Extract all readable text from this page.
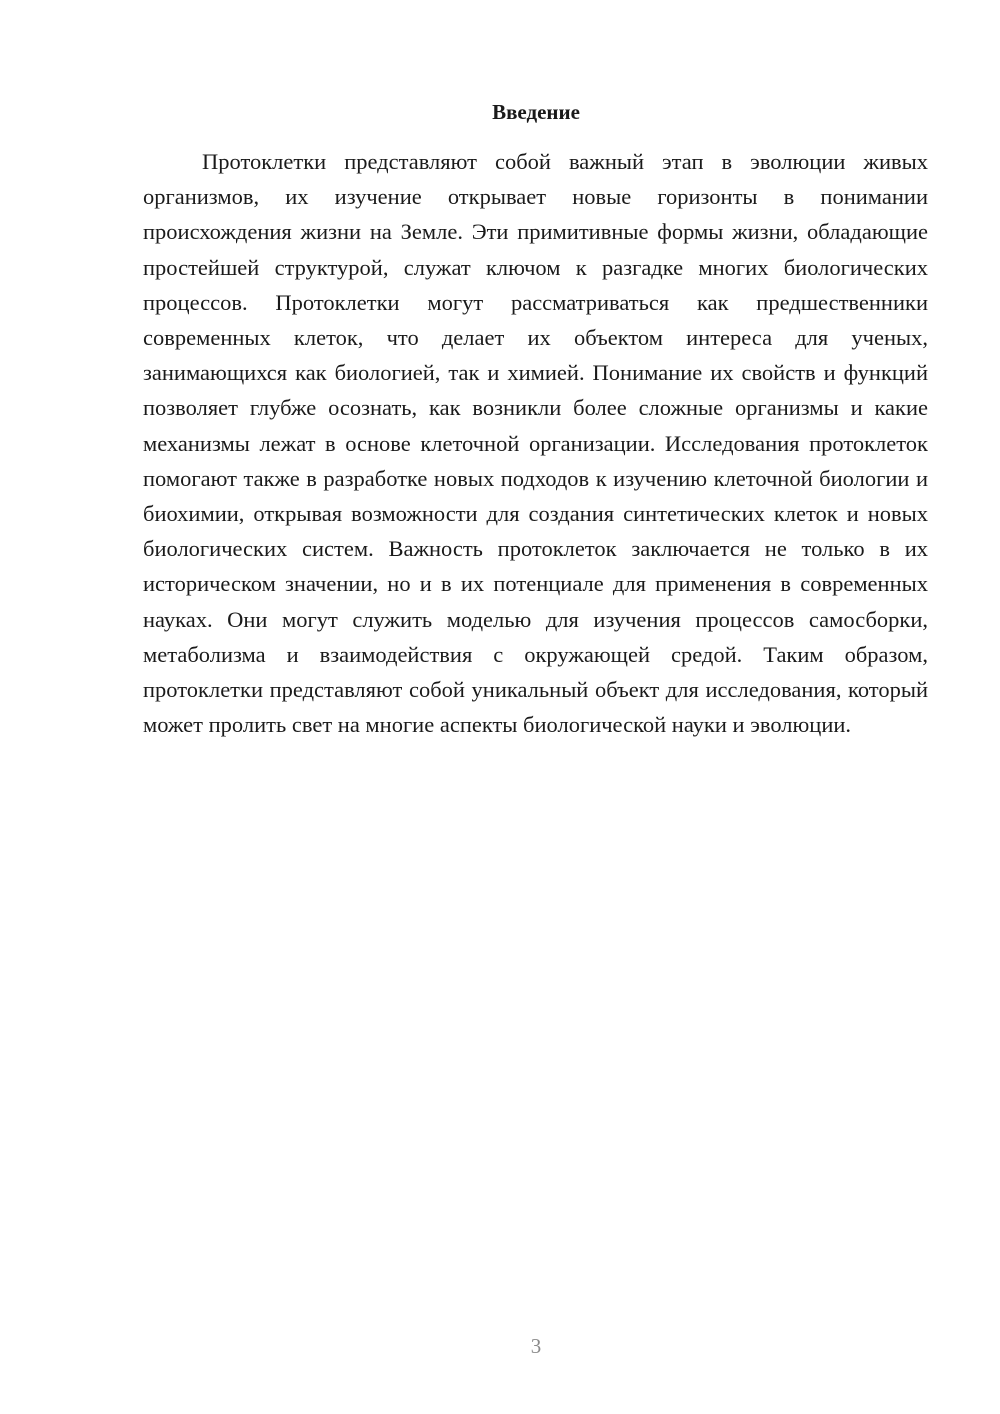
Введение

Протоклетки представляют собой важный этап в эволюции живых организмов, их изучение открывает новые горизонты в понимании происхождения жизни на Земле. Эти примитивные формы жизни, обладающие простейшей структурой, служат ключом к разгадке многих биологических процессов. Протоклетки могут рассматриваться как предшественники современных клеток, что делает их объектом интереса для ученых, занимающихся как биологией, так и химией. Понимание их свойств и функций позволяет глубже осознать, как возникли более сложные организмы и какие механизмы лежат в основе клеточной организации. Исследования протоклеток помогают также в разработке новых подходов к изучению клеточной биологии и биохимии, открывая возможности для создания синтетических клеток и новых биологических систем. Важность протоклеток заключается не только в их историческом значении, но и в их потенциале для применения в современных науках. Они могут служить моделью для изучения процессов самосборки, метаболизма и взаимодействия с окружающей средой. Таким образом, протоклетки представляют собой уникальный объект для исследования, который может пролить свет на многие аспекты биологической науки и эволюции.

3
